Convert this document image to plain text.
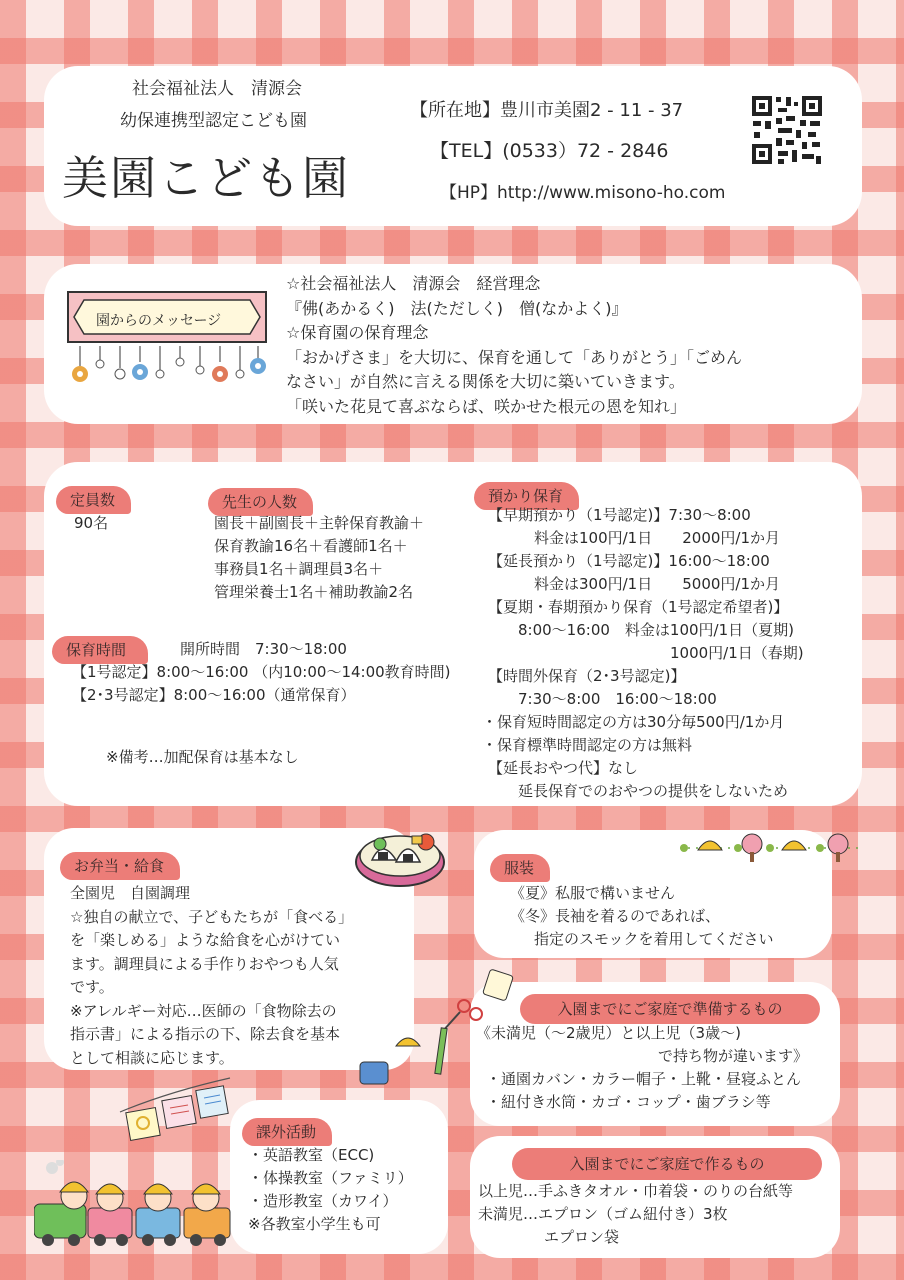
社会福祉法人　清源会
幼保連携型認定こども園
美園こども園
【所在地】豊川市美園2 - 11 - 37
【TEL】(0533）72 - 2846
【HP】http://www.misono-ho.com
園からのメッセージ
☆社会福祉法人　清源会　経営理念
『佛(あかるく)　法(ただしく)　僧(なかよく)』
☆保育園の保育理念
「おかげさま」を大切に、保育を通して「ありがとう」「ごめん
なさい」が自然に言える関係を大切に築いていきます。
「咲いた花見て喜ぶならば、咲かせた根元の恩を知れ」
定員数
90名
先生の人数
園長＋副園長＋主幹保育教諭＋
保育教諭16名＋看護師1名＋
事務員1名＋調理員3名＋
管理栄養士1名＋補助教諭2名
保育時間	開所時間　7:30～18:00
【1号認定】8:00～16:00 （内10:00～14:00教育時間)
【2･3号認定】8:00～16:00（通常保育）
※備考…加配保育は基本なし
預かり保育
【早期預かり（1号認定)】7:30～8:00
料金は100円/1日　　2000円/1か月
【延長預かり（1号認定)】16:00～18:00
料金は300円/1日　　5000円/1か月
【夏期・春期預かり保育（1号認定希望者)】
8:00～16:00　料金は100円/1日（夏期)
1000円/1日（春期)
【時間外保育（2･3号認定)】
7:30～8:00　16:00～18:00
・保育短時間認定の方は30分毎500円/1か月
・保育標準時間認定の方は無料
【延長おやつ代】なし
延長保育でのおやつの提供をしないため
お弁当・給食
全園児　自園調理
☆独自の献立で、子どもたちが「食べる」
を「楽しめる」ような給食を心がけてい
ます。調理員による手作りおやつも人気
です。
※アレルギー対応…医師の「食物除去の
指示書」による指示の下、除去食を基本
として相談に応じます。
服装
《夏》私服で構いません
《冬》長袖を着るのであれば、
指定のスモックを着用してください
《未満児（～2歳児）と以上児（3歳～)
で持ち物が違います》
・通園カバン・カラー帽子・上靴・昼寝ふとん
・紐付き水筒・カゴ・コップ・歯ブラシ等
入園までにご家庭で準備するもの
課外活動
・英語教室（ECC)
・体操教室（ファミリ）
・造形教室（カワイ）
※各教室小学生も可
以上児…手ふきタオル・巾着袋・のりの台紙等
未満児…エプロン（ゴム紐付き）3枚
エプロン袋
入園までにご家庭で作るもの
